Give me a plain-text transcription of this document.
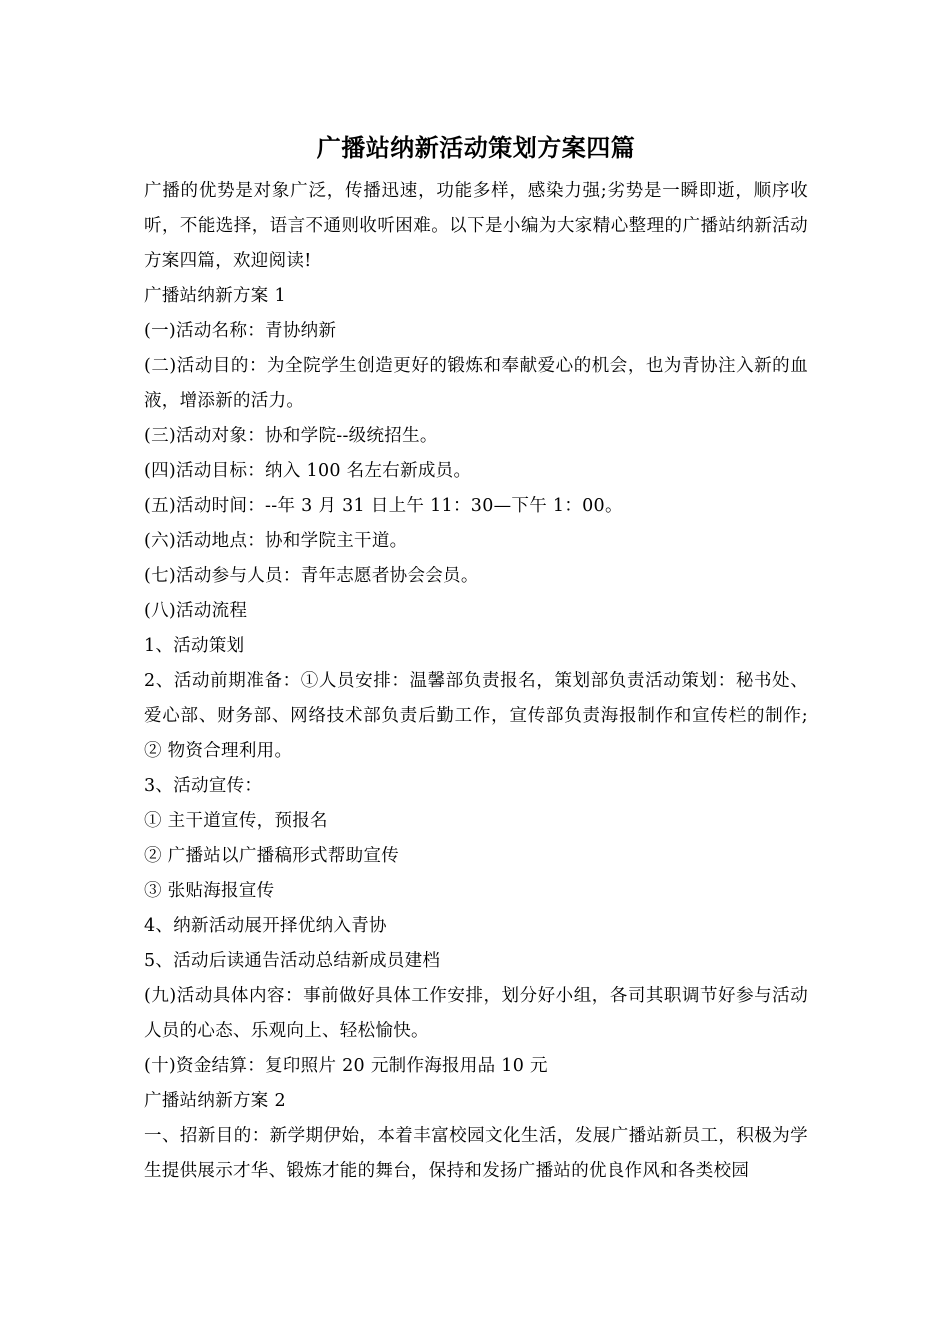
广播站纳新活动策划方案四篇

广播的优势是对象广泛，传播迅速，功能多样，感染力强;劣势是一瞬即逝，顺序收听，不能选择，语言不通则收听困难。以下是小编为大家精心整理的广播站纳新活动方案四篇，欢迎阅读!

广播站纳新方案 1

(一)活动名称：青协纳新

(二)活动目的：为全院学生创造更好的锻炼和奉献爱心的机会，也为青协注入新的血液，增添新的活力。

(三)活动对象：协和学院--级统招生。

(四)活动目标：纳入 100 名左右新成员。

(五)活动时间：--年 3 月 31 日上午 11：30—下午 1：00。

(六)活动地点：协和学院主干道。

(七)活动参与人员：青年志愿者协会会员。

(八)活动流程

1、活动策划

2、活动前期准备：①人员安排：温馨部负责报名，策划部负责活动策划：秘书处、爱心部、财务部、网络技术部负责后勤工作，宣传部负责海报制作和宣传栏的制作;② 物资合理利用。

3、活动宣传：

① 主干道宣传，预报名

② 广播站以广播稿形式帮助宣传

③ 张贴海报宣传

4、纳新活动展开择优纳入青协

5、活动后读通告活动总结新成员建档

(九)活动具体内容：事前做好具体工作安排，划分好小组，各司其职调节好参与活动人员的心态、乐观向上、轻松愉快。

(十)资金结算：复印照片 20 元制作海报用品 10 元

广播站纳新方案 2

一、招新目的：新学期伊始，本着丰富校园文化生活，发展广播站新员工，积极为学生提供展示才华、锻炼才能的舞台，保持和发扬广播站的优良作风和各类校园
